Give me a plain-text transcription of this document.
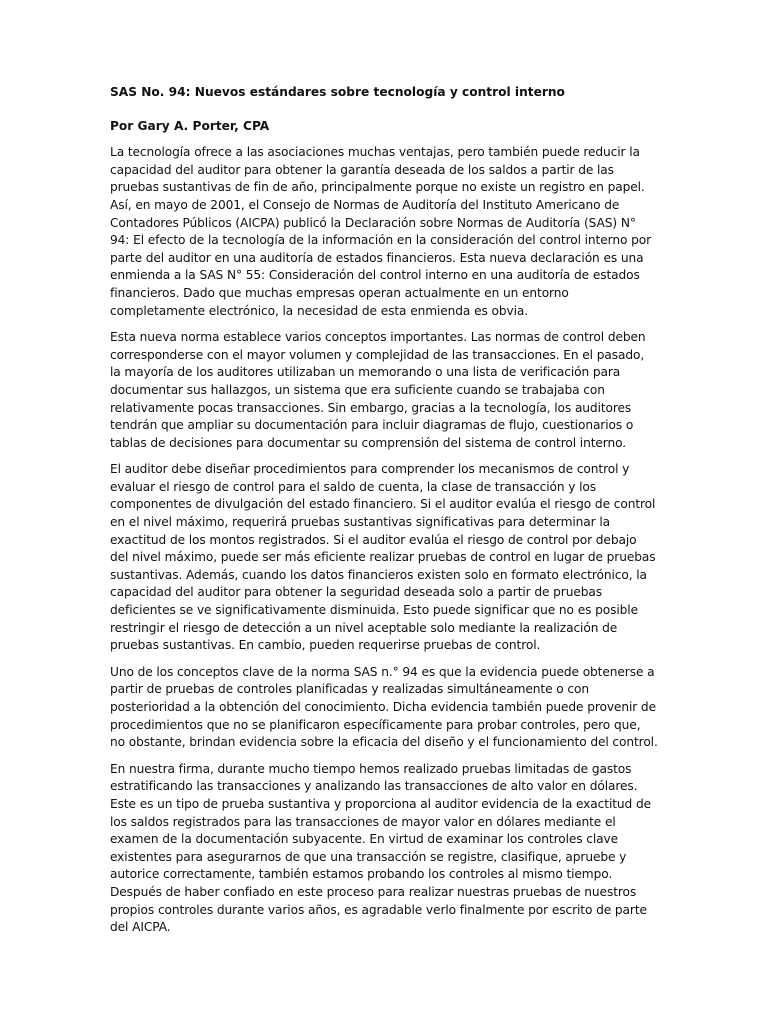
SAS No. 94: Nuevos estándares sobre tecnología y control interno
Por Gary A. Porter, CPA

La tecnología ofrece a las asociaciones muchas ventajas, pero también puede reducir la capacidad del auditor para obtener la garantía deseada de los saldos a partir de las pruebas sustantivas de fin de año, principalmente porque no existe un registro en papel. Así, en mayo de 2001, el Consejo de Normas de Auditoría del Instituto Americano de Contadores Públicos (AICPA) publicó la Declaración sobre Normas de Auditoría (SAS) N° 94: El efecto de la tecnología de la información en la consideración del control interno por parte del auditor en una auditoría de estados financieros. Esta nueva declaración es una enmienda a la SAS N° 55: Consideración del control interno en una auditoría de estados financieros. Dado que muchas empresas operan actualmente en un entorno completamente electrónico, la necesidad de esta enmienda es obvia.

Esta nueva norma establece varios conceptos importantes. Las normas de control deben corresponderse con el mayor volumen y complejidad de las transacciones. En el pasado, la mayoría de los auditores utilizaban un memorando o una lista de verificación para documentar sus hallazgos, un sistema que era suficiente cuando se trabajaba con relativamente pocas transacciones. Sin embargo, gracias a la tecnología, los auditores tendrán que ampliar su documentación para incluir diagramas de flujo, cuestionarios o tablas de decisiones para documentar su comprensión del sistema de control interno.

El auditor debe diseñar procedimientos para comprender los mecanismos de control y evaluar el riesgo de control para el saldo de cuenta, la clase de transacción y los componentes de divulgación del estado financiero. Si el auditor evalúa el riesgo de control en el nivel máximo, requerirá pruebas sustantivas significativas para determinar la exactitud de los montos registrados. Si el auditor evalúa el riesgo de control por debajo del nivel máximo, puede ser más eficiente realizar pruebas de control en lugar de pruebas sustantivas. Además, cuando los datos financieros existen solo en formato electrónico, la capacidad del auditor para obtener la seguridad deseada solo a partir de pruebas deficientes se ve significativamente disminuida. Esto puede significar que no es posible restringir el riesgo de detección a un nivel aceptable solo mediante la realización de pruebas sustantivas. En cambio, pueden requerirse pruebas de control.

Uno de los conceptos clave de la norma SAS n.° 94 es que la evidencia puede obtenerse a partir de pruebas de controles planificadas y realizadas simultáneamente o con posterioridad a la obtención del conocimiento. Dicha evidencia también puede provenir de procedimientos que no se planificaron específicamente para probar controles, pero que, no obstante, brindan evidencia sobre la eficacia del diseño y el funcionamiento del control.

En nuestra firma, durante mucho tiempo hemos realizado pruebas limitadas de gastos estratificando las transacciones y analizando las transacciones de alto valor en dólares. Este es un tipo de prueba sustantiva y proporciona al auditor evidencia de la exactitud de los saldos registrados para las transacciones de mayor valor en dólares mediante el examen de la documentación subyacente. En virtud de examinar los controles clave existentes para asegurarnos de que una transacción se registre, clasifique, apruebe y autorice correctamente, también estamos probando los controles al mismo tiempo. Después de haber confiado en este proceso para realizar nuestras pruebas de nuestros propios controles durante varios años, es agradable verlo finalmente por escrito de parte del AICPA.
